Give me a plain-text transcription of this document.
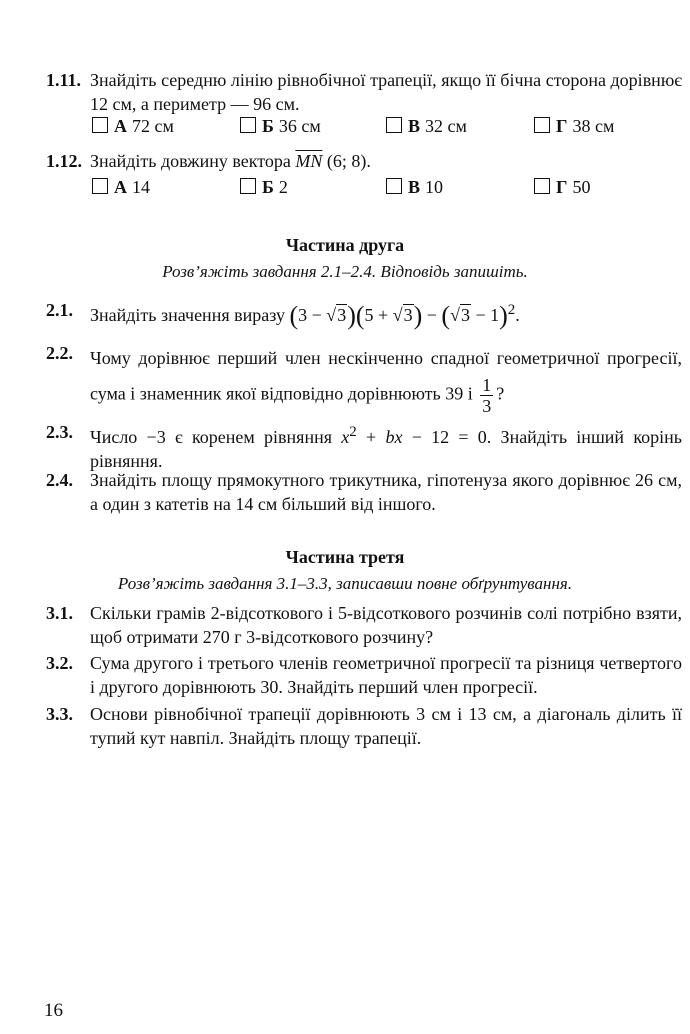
1.11. Знайдіть середню лінію рівнобічної трапеції, якщо її бічна сторона дорівнює 12 см, а периметр — 96 см.
А 72 см	Б 36 см	В 32 см	Г 38 см
1.12. Знайдіть довжину вектора $\overline{MN}$ (6; 8).
А 14	Б 2	В 10	Г 50
Частина друга
Розв’яжіть завдання 2.1–2.4. Відповідь запишіть.
2.1. Знайдіть значення виразу $(3 - √3)(5 + √3) - (√3 - 1)^2$.
2.2. Чому дорівнює перший член нескінченно спадної геометричної прогресії, сума і знаменник якої відповідно дорівнюють 39 і $\frac{1}{3}$ ?
2.3. Число −3 є коренем рівняння $x^2$ + bx − 12 = 0. Знайдіть інший корінь рівняння.
2.4. Знайдіть площу прямокутного трикутника, гіпотенуза якого дорівнює 26 см, а один з катетів на 14 см більший від іншого.
Частина третя
Розв’яжіть завдання 3.1–3.3, записавши повне обґрунтування.
3.1. Скільки грамів 2-відсоткового і 5-відсоткового розчинів солі потрібно взяти, щоб отримати 270 г 3-відсоткового розчину?
3.2. Сума другого і третього членів геометричної прогресії та різниця четвертого і другого дорівнюють 30. Знайдіть перший член прогресії.
3.3. Основи рівнобічної трапеції дорівнюють 3 см і 13 см, а діагональ ділить її тупий кут навпіл. Знайдіть площу трапеції.
16
